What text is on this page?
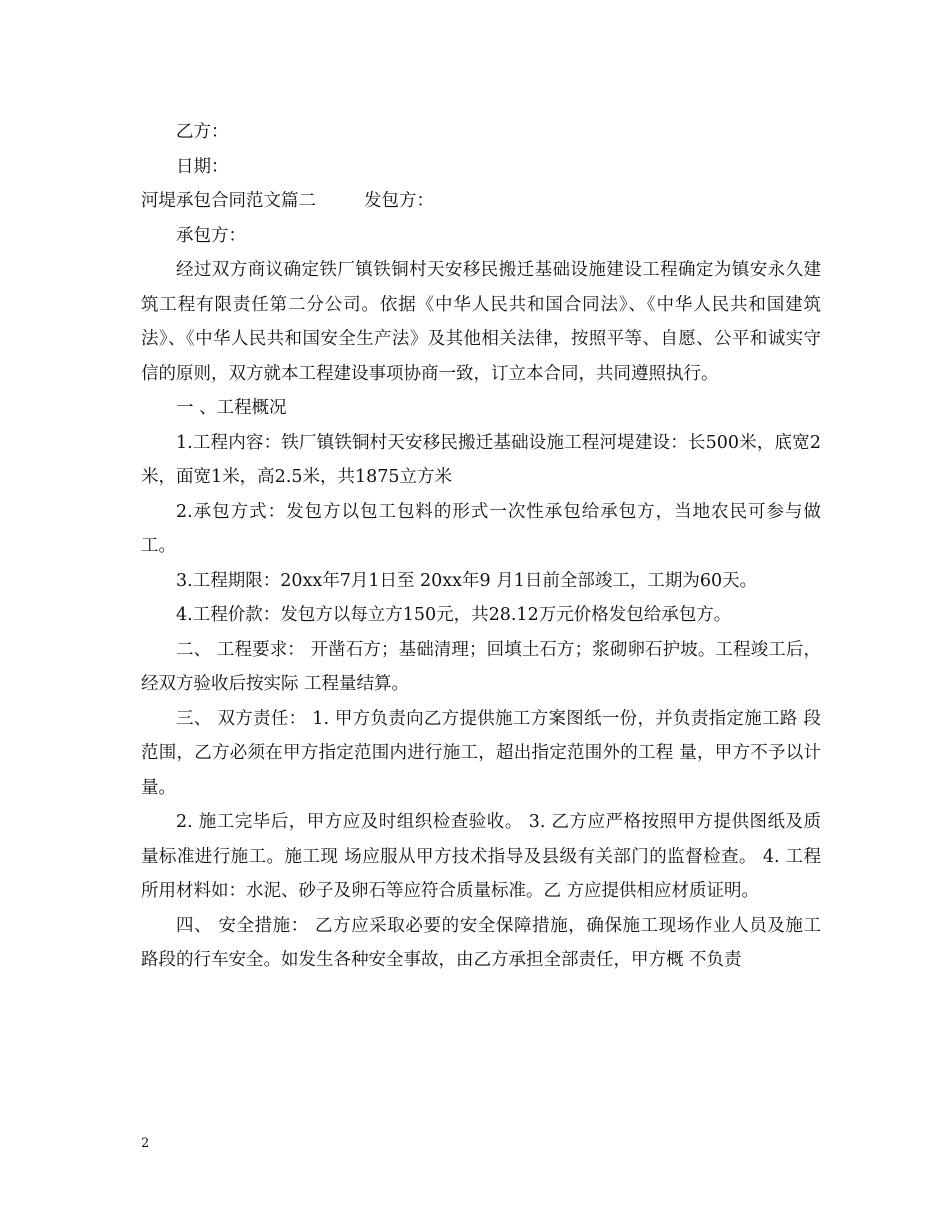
乙方：

日期：

河堤承包合同范文篇二	发包方：

承包方：

经过双方商议确定铁厂镇铁铜村天安移民搬迁基础设施建设工程确定为镇安永久建筑工程有限责任第二分公司。依据《中华人民共和国合同法》、《中华人民共和国建筑法》、《中华人民共和国安全生产法》及其他相关法律，按照平等、自愿、公平和诚实守信的原则，双方就本工程建设事项协商一致，订立本合同，共同遵照执行。

一 、工程概况

1.工程内容：铁厂镇铁铜村天安移民搬迁基础设施工程河堤建设：长500米，底宽2米，面宽1米，高2.5米，共1875立方米

2.承包方式：发包方以包工包料的形式一次性承包给承包方，当地农民可参与做工。

3.工程期限：20xx年7月1日至 20xx年9 月1日前全部竣工，工期为60天。

4.工程价款：发包方以每立方150元，共28.12万元价格发包给承包方。

二、 工程要求： 开凿石方；基础清理；回填土石方；浆砌卵石护坡。工程竣工后，经双方验收后按实际 工程量结算。

三、 双方责任： 1. 甲方负责向乙方提供施工方案图纸一份，并负责指定施工路 段范围，乙方必须在甲方指定范围内进行施工，超出指定范围外的工程 量，甲方不予以计量。

2. 施工完毕后，甲方应及时组织检查验收。 3. 乙方应严格按照甲方提供图纸及质量标准进行施工。施工现 场应服从甲方技术指导及县级有关部门的监督检查。 4. 工程所用材料如：水泥、砂子及卵石等应符合质量标准。乙 方应提供相应材质证明。

四、 安全措施： 乙方应采取必要的安全保障措施，确保施工现场作业人员及施工 路段的行车安全。如发生各种安全事故，由乙方承担全部责任，甲方概 不负责

2
